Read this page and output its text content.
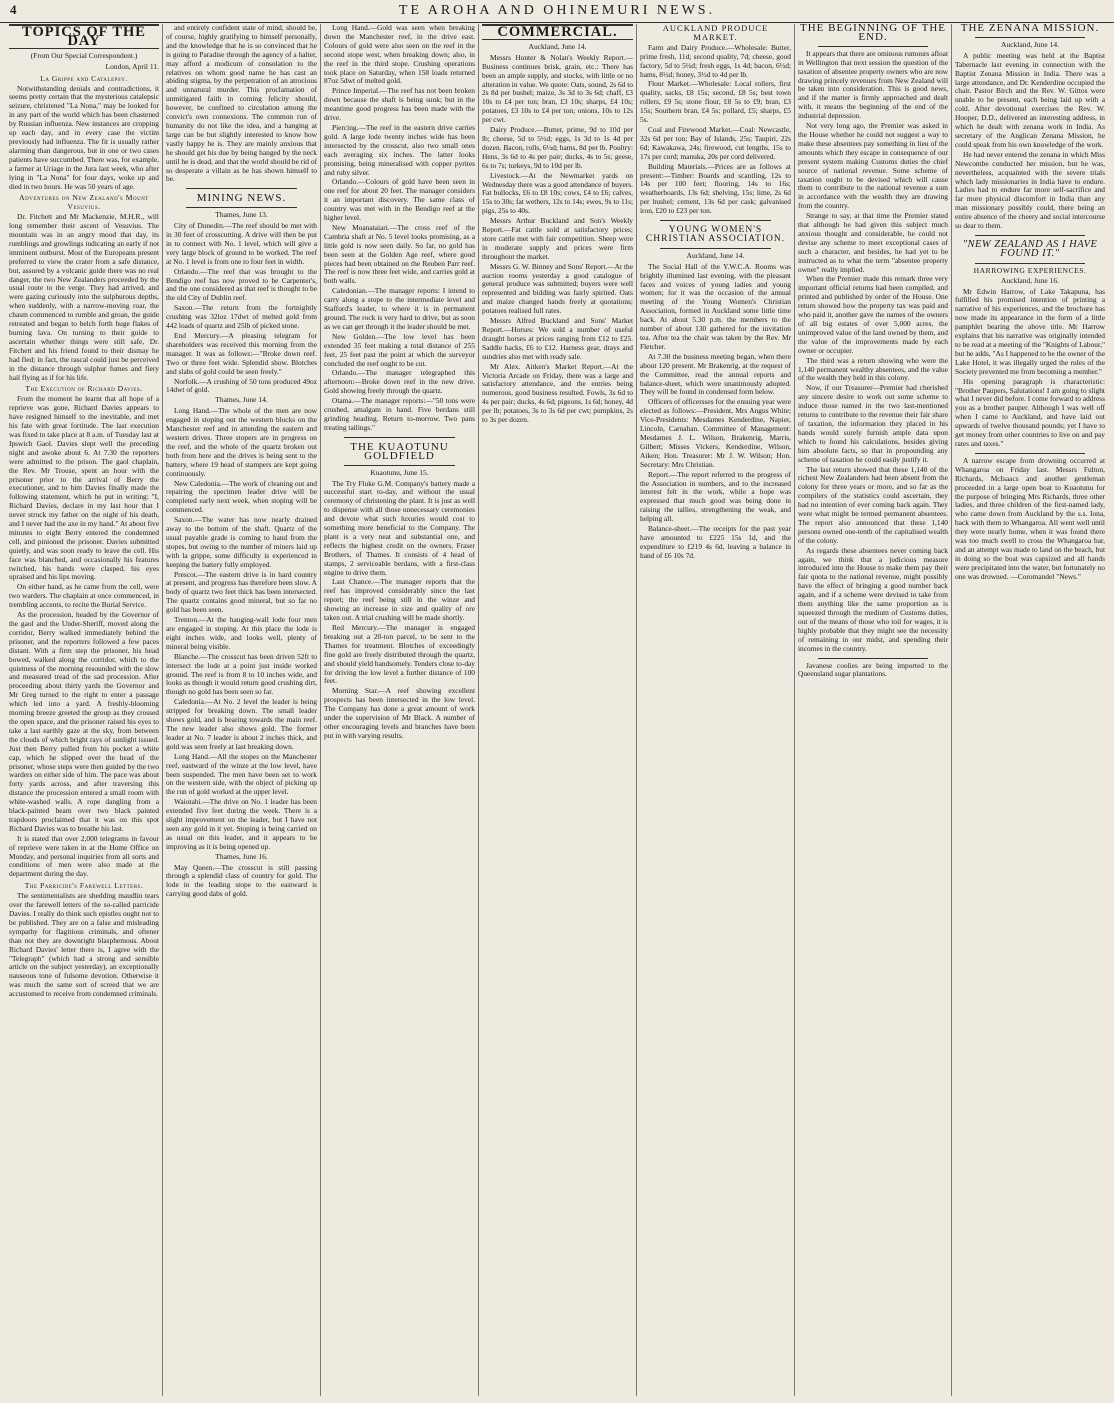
4	TE AROHA AND OHINEMURI NEWS.
TOPICS OF THE DAY
(From Our Special Correspondent.)
London, April 11.
La Grippe and Catalepsy.

Notwithstanding denials and contradictions, it seems pretty certain that the mysterious catalepsic seizure, christened "La Nona," may be looked for in any part of the world which has been chastened by Russian influenza. New instances are cropping up each day, and in every case the victim previously had influenza. The fit is usually rather alarming than dangerous, but in one or two cases patients have succumbed. There was, for example, a farmer at Uriage in the Jura last week, who after lying in "La Nona" for four days, woke up and died in two hours. He was 50 years of age.

Adventures on New Zealand's Mount Vesuvius.

Dr. Fitchett and Mr Mackenzie, M.H.R., will long remember their ascent of Vesuvius. The mountain was in an angry mood that day, its rumblings and growlings indicating an early if not imminent outburst. Most of the Europeans present preferred to view the crater from a safe distance, but, assured by a volcanic guide there was no real danger, the two New Zealanders proceeded by the usual route to the verge. They had arrived, and were gazing curiously into the sulphurous depths, when suddenly, with a narrow-moving roar, the chasm commenced to rumble and groan, the guide retreated and began to belch forth huge flakes of burning lava. On turning to their guide to ascertain whether things were still safe, Dr. Fitchett and his friend found to their dismay he had fled; in fact, the rascal could just be perceived in the distance through sulphur fumes and fiery hail flying as if for his life.

The Execution of Richard Davies.

From the moment he learnt that all hope of a reprieve was gone, Richard Davies appears to have resigned himself to the inevitable, and met his fate with great fortitude. The last execution was fixed to take place at 8 a.m. of Tuesday last at Ipswich Gaol. Davies slept well the preceding night and awoke about 6. At 7.30 the reporters were admitted to the prison. The gaol chaplain, the Rev. Mr Trouse, spent an hour with the prisoner prior to the arrival of Berry the executioner, and to him Davies finally made the following statement, which he put in writing: "I, Richard Davies, declare in my last hour that I never struck my father on the night of his death, and I never had the axe in my hand." At about five minutes to eight Berry entered the condemned cell, and pinioned the prisoner. Davies submitted quietly, and was soon ready to leave the cell. His face was blanched, and occasionally his features twitched, his hands were clasped, his eyes upraised and his lips moving.

On either hand, as he came from the cell, were two warders. The chaplain at once commenced, in trembling accents, to recite the Burial Service.

As the procession, headed by the Governor of the gaol and the Under-Sheriff, moved along the corridor, Berry walked immediately behind the prisoner, and the reporters followed a few paces distant. With a firm step the prisoner, his head bowed, walked along the corridor, which to the quietness of the morning resounded with the slow and measured tread of the sad procession. After proceeding about thirty yards the Governor and Mr Greg turned to the right to enter a passage which led into a yard. A freshly-blooming morning breeze greeted the group as they crossed the open space, and the prisoner raised his eyes to take a last earthly gaze at the sky, from between the clouds of which bright rays of sunlight issued. Just then Berry pulled from his pocket a white cap, which he slipped over the head of the prisoner, whose steps were then guided by the two warders on either side of him. The pace was about forty yards across, and after traversing this distance the procession entered a small room with white-washed walls. A rope dangling from a black-painted beam over two black painted trapdoors proclaimed that it was on this spot Richard Davies was to breathe his last.

It is stated that over 2,000 telegrams in favour of reprieve were taken in at the Home Office on Monday, and personal inquiries from all sorts and conditions of men were also made at the department during the day.

The Parricide's Farewell Letters.

The sentimentalists are shedding maudlin tears over the farewell letters of the so-called parricide Davies. I really do think such epistles ought not to be published. They are on a false and misleading sympathy for flagitious criminals, and oftener than not they are downright blasphemous. About Richard Davies' letter there is, I agree with the "Telegraph" (which had a strong and sensible article on the subject yesterday), an exceptionally nauseous tone of fulsome devotion. Otherwise it was much the same sort of screed that we are accustomed to receive from condemned criminals.

and entirely confident state of mind, should be, of course, highly gratifying to himself personally, and the knowledge that he is so convinced that he is going to Paradise through the agency of a halter, may afford a modicum of consolation to the relatives on whom good name he has cast an abiding stigma, by the perpetration of an atrocious and unnatural murder. This proclamation of unmitigated faith in coming felicity should, however, be confined to circulation among the convict's own connexions. The common run of humanity do not like the idea, and a hanging at large can be but slightly interested to know how vastly happy he is. They are mainly anxious that he should get his due by being hanged by the neck until he is dead, and that the world should be rid of so desperate a villain as he has shown himself to be.

MINING NEWS.
Thames, June 13.

City of Dunedin.—The reef should be met with in 30 feet of crosscutting. A drive will then be put in to connect with No. 1 level, which will give a very large block of ground to be worked. The reef at No. 1 level is from one to four feet in width.

Orlando.—The reef that was brought to the Bendigo reef has now proved to be Carpenter's, and the one considered as that reef is thought to be the old City of Dublin reef.

Saxon.—The return from the fortnightly crushing was 32loz 17dwt of melted gold from 442 loads of quartz and 25lb of picked stone.

End Mercury.—A pleasing telegram for shareholders was received this morning from the manager. It was as follows:—"Broke down reef. Two or three feet wide. Splendid show. Blotches and slabs of gold could be seen freely."

Norfolk.—A crushing of 50 tons produced 49oz 14dwt of gold.

Thames, June 14.

Long Hand.—The whole of the men are now engaged in stoping out the western blocks on the Manchester reef and in attending the eastern and western drives. Three stopers are in progress on the reef, and the whole of the quartz broken out both from here and the drives is being sent to the battery, where 19 head of stampers are kept going continuously.

New Caledonia.—The work of cleaning out and repairing the specimen leader drive will be completed early next week, when stoping will be commenced.

Saxon.—The water has now nearly drained away to the bottom of the shaft. Quartz of the usual payable grade is coming to hand from the stopes, but owing to the number of miners laid up with la grippe, some difficulty is experienced in keeping the battery fully employed.

Prescot.—The eastern drive is in hard country at present, and progress has therefore been slow. A body of quartz two feet thick has been intersected. The quartz contains good mineral, but so far no gold has been seen.

Trenton.—At the hanging-wall lode four men are engaged in stoping. At this place the lode is eight inches wide, and looks well, plenty of mineral being visible.

Blanche.—The crosscut has been driven 52ft to intersect the lode at a point just inside worked ground. The reef is from 8 to 10 inches wide, and looks as though it would return good crushing dirt, though no gold has been seen so far.

Caledonia.—At No. 2 level the leader is being stripped for breaking down. The small leader shows gold, and is bearing towards the main reef. The new leader also shows gold. The former leader at No. 7 leader is about 2 inches thick, and gold was seen freely at last breaking down.

Long Hand.—All the stopes on the Manchester reef, eastward of the winze at the low level, have been suspended. The men have been set to work on the western side, with the object of picking up the run of gold worked at the upper level.

Waiotahi.—The drive on No. 1 leader has been extended five feet during the week. There is a slight improvement on the leader, but I have not seen any gold in it yet. Stoping is being carried on as usual on this leader, and it appears to be improving as it is being opened up.

Thames, June 16.

May Queen.—The crosscut is still passing through a splendid class of country for gold. The lode in the leading stope to the eastward is carrying good dabs of gold.

Long Hand.—Gold was seen when breaking down the Manchester reef, in the drive east. Colours of gold were also seen on the reef in the second stope west, when breaking down; also, in the reef in the third stope. Crushing operations took place on Saturday, when 158 loads returned 87oz 5dwt of melted gold.

Prince Imperial.—The reef has not been broken down because the shaft is being sunk; but in the meantime good progress has been made with the drive.

Piercing.—The reef in the eastern drive carries gold. A large lode twenty inches wide has been intersected by the crosscut, also two small ones each averaging six inches. The latter looks promising, being mineralised with copper pyrites and ruby silver.

Orlando.—Colours of gold have been seen in one reef for about 20 feet. The manager considers it an important discovery. The same class of country was met with in the Bendigo reef at the higher level.

New Moanataiari.—The cross reef of the Cambria shaft at No. 5 level looks promising, as a little gold is now seen daily. So far, no gold has been seen at the Golden Age reef, where good pieces had been obtained on the Reuben Parr reef. The reef is now three feet wide, and carries gold at both walls.

Caledonian.—The manager reports: I intend to carry along a stope to the intermediate level and Stafford's leader, to where it is in permanent ground. The rock is very hard to drive, but as soon as we can get through it the leader should be met.

New Golden.—The low level has been extended 35 feet making a total distance of 255 feet, 25 feet past the point at which the surveyor concluded the reef ought to be cut.

Orlando.—The manager telegraphed this afternoon:—Broke down reef in the new drive. Gold showing freely through the quartz.

Otama.—The manager reports:—"50 tons were crushed, amalgam in hand. Five berdans still grinding heading. Return to-morrow. Two pans treating tailings."

THE KUAOTUNU GOLDFIELD
Kuaotunu, June 15.

The Try Fluke G.M. Company's battery made a successful start to-day, and without the usual ceremony of christening the plant. It is just as well to dispense with all those unnecessary ceremonies and devote what such luxuries would cost to something more beneficial to the Company. The plant is a very neat and substantial one, and reflects the highest credit on the owners, Fraser Brothers, of Thames. It consists of 4 head of stamps, 2 serviceable berdans, with a first-class engine to drive them.

Last Chance.—The manager reports that the reef has improved considerably since the last report; the reef being still in the winze and showing an increase in size and quality of ore taken out. A trial crushing will be made shortly.

Red Mercury.—The manager is engaged breaking out a 20-ton parcel, to be sent to the Thames for treatment. Blotches of exceedingly fine gold are freely distributed through the quartz, and should yield handsomely. Tenders close to-day for driving the low level a further distance of 100 feet.

Morning Star.—A reef showing excellent prospects has been intersected in the low level. The Company has done a great amount of work under the supervision of Mr Black. A number of other encouraging levels and branches have been put in with varying results.

COMMERCIAL.
Auckland, June 14.

Messrs Hunter & Nolan's Weekly Report.—Business continues brisk, grain, etc.: There has been an ample supply, and stocks, with little or no alteration in value. We quote: Oats, sound, 2s 6d to 2s 8d per bushel; maize, 3s 3d to 3s 6d; chaff, £3 10s to £4 per ton; bran, £3 10s; sharps, £4 10s; potatoes, £3 10s to £4 per ton; onions, 10s to 12s per cwt.

Dairy Produce.—Butter, prime, 9d to 10d per lb; cheese, 5d to 5½d; eggs, 1s 3d to 1s 4d per dozen. Bacon, rolls, 6½d; hams, 8d per lb. Poultry: Hens, 3s 6d to 4s per pair; ducks, 4s to 5s; geese, 6s to 7s; turkeys, 9d to 10d per lb.

Livestock.—At the Newmarket yards on Wednesday there was a good attendance of buyers. Fat bullocks, £6 to £8 10s; cows, £4 to £6; calves, 15s to 30s; fat wethers, 12s to 14s; ewes, 9s to 11s; pigs, 25s to 40s.

Messrs Arthur Buckland and Son's Weekly Report.—Fat cattle sold at satisfactory prices; store cattle met with fair competition. Sheep were in moderate supply and prices were firm throughout the market.

Messrs G. W. Binney and Sons' Report.—At the auction rooms yesterday a good catalogue of general produce was submitted; buyers were well represented and bidding was fairly spirited. Oats and maize changed hands freely at quotations; potatoes realised full rates.

Messrs Alfred Buckland and Sons' Market Report.—Horses: We sold a number of useful draught horses at prices ranging from £12 to £25. Saddle hacks, £6 to £12. Harness gear, drays and sundries also met with ready sale.

Mr Alex. Aitken's Market Report.—At the Victoria Arcade on Friday, there was a large and satisfactory attendance, and the entries being numerous, good business resulted. Fowls, 3s 6d to 4s per pair; ducks, 4s 6d; pigeons, 1s 6d; honey, 4d per lb; potatoes, 3s to 3s 6d per cwt; pumpkins, 2s to 3s per dozen.

AUCKLAND PRODUCE MARKET.

Farm and Dairy Produce.—Wholesale: Butter, prime fresh, 11d; second quality, 7d; cheese, good factory, 5d to 5½d; fresh eggs, 1s 4d; bacon, 6½d; hams, 8½d; honey, 3½d to 4d per lb.

Flour Market.—Wholesale: Local rollers, first quality, sacks, £8 15s; second, £8 5s; best town rollers, £9 5s; stone flour, £8 5s to £9; bran, £3 15s; Southern bran, £4 5s; pollard, £5; sharps, £5 5s.

Coal and Firewood Market.—Coal: Newcastle, 32s 6d per ton; Bay of Islands, 25s; Taupiri, 22s 6d; Kawakawa, 24s; firewood, cut lengths, 15s to 17s per cord; manuka, 20s per cord delivered.

Building Materials.—Prices are as follows at present:—Timber: Boards and scantling, 12s to 14s per 100 feet; flooring, 14s to 16s; weatherboards, 13s 6d; shelving, 15s; lime, 2s 6d per bushel; cement, 13s 6d per cask; galvanised iron, £20 to £23 per ton.

YOUNG WOMEN'S CHRISTIAN ASSOCIATION.
Auckland, June 14.

The Social Hall of the Y.W.C.A. Rooms was brightly illumined last evening, with the pleasant faces and voices of young ladies and young women; for it was the occasion of the annual meeting of the Young Women's Christian Association, formed in Auckland some little time back. At about 5.30 p.m. the members to the number of about 130 gathered for the invitation tea. After tea the chair was taken by the Rev. Mr Fletcher.

At 7.30 the business meeting began, when there about 120 present. Mr Brakenrig, at the request of the Committee, read the annual reports and balance-sheet, which were unanimously adopted. They will be found in condensed form below.

Officers of officersses for the ensuing year were elected as follows:—President, Mrs Angus White; Vice-Presidents: Mesdames Kenderdine, Napier, Lincoln, Carnahan. Committee of Management: Mesdames J. L. Wilson, Brakenrig, Marris, Gilbert; Misses Vickers, Kenderdine, Wilson, Aiken; Hon. Treasurer: Mr J. W. Wilson; Hon. Secretary: Mrs Christian.

Report.—The report referred to the progress of the Association in numbers, and to the increased interest felt in the work, while a hope was expressed that much good was being done in raising the tallies, strengthening the weak, and helping all.

Balance-sheet.—The receipts for the past year have amounted to £225 15s 1d, and the expenditure to £219 4s 6d, leaving a balance in hand of £6 10s 7d.

THE BEGINNING OF THE END.

It appears that there are ominous rumours afloat in Wellington that next session the question of the taxation of absentee property owners who are now drawing princely revenues from New Zealand will be taken into consideration. This is good news, and if the matter is firmly approached and dealt with, it means the beginning of the end of the industrial depression.

Not very long ago, the Premier was asked in the House whether he could not suggest a way to make these absentees pay something in lieu of the amounts which they escape in consequence of our present system making Customs duties the chief source of national revenue. Some scheme of taxation ought to be devised which will cause them to contribute to the national revenue a sum in accordance with the wealth they are drawing from the country.

Strange to say, at that time the Premier stated that although he had given this subject much anxious thought and considerable, he could not devise any scheme to meet exceptional cases of such a character, and besides, he had yet to be instructed as to what the term "absentee property owner" really implied.

When the Premier made this remark three very important official returns had been compiled, and printed and published by order of the House. One return showed how the property tax was paid and who paid it, another gave the names of the owners of all big estates of over 5,000 acres, the unimproved value of the land owned by them, and the value of the improvements made by each owner or occupier.

The third was a return showing who were the 1,140 permanent wealthy absentees, and the value of the wealth they held in this colony.

Now, if our Treasurer—Premier had cherished any sincere desire to work out some scheme to induce those named in the two last-mentioned returns to contribute to the revenue their fair share of taxation, the information they placed in his hands would surely furnish ample data upon which to found his calculations, besides giving him absolute facts, so that in propounding any scheme of taxation he could easily justify it.

The last return showed that these 1,140 of the richest New Zealanders had been absent from the colony for three years or more, and so far as the compilers of the statistics could ascertain, they had no intention of ever coming back again. They were what might be termed permanent absentees. The report also announced that these 1,140 persons owned one-tenth of the capitalised wealth of the colony.

As regards these absentees never coming back again, we think that a judicious measure introduced into the House to make them pay their fair quota to the national revenue, might possibly have the effect of bringing a good number back again, and if a scheme were devised to take from them anything like the same proportion as is squeezed through the medium of Customs duties, out of the means of those who toil for wages, it is highly probable that they might see the necessity of remaining in our midst, and spending their incomes in the country.

Javanese coolies are being imported to the Queensland sugar plantations.

THE ZENANA MISSION.
Auckland, June 14.

A public meeting was held at the Baptist Tabernacle last evening in connection with the Baptist Zenana Mission in India. There was a large attendance, and Dr. Kenderdine occupied the chair. Pastor Birch and the Rev. W. Gittos were unable to be present, each being laid up with a cold. After devotional exercises the Rev. W. Hooper, D.D., delivered an interesting address, in which he dealt with zenana work in India. As secretary of the Anglican Zenana Mission, he could speak from his own knowledge of the work.

He had never entered the zenana in which Miss Newcombe conducted her mission, but he was, nevertheless, acquainted with the severe trials which lady missionaries in India have to endure. Ladies had to endure far more self-sacrifice and far more physical discomfort in India than any man missionary possibly could, there being an entire absence of the cheery and social intercourse so dear to them.

"NEW ZEALAND AS I HAVE FOUND IT."
HARROWING EXPERIENCES.
Auckland, June 16.

Mr Edwin Harrow, of Lake Takapuna, has fulfilled his promised intention of printing a narrative of his experiences, and the brochure has now made its appearance in the form of a little pamphlet bearing the above title. Mr Harrow explains that his narrative was originally intended to be read at a meeting of the "Knights of Labour," but he adds, "As I happened to be the owner of the Lake Hotel, it was illegally urged the rules of the Society prevented me from becoming a member."

His opening paragraph is characteristic: "Brother Paupers, Salutations! I am going to slight what I never did before. I come forward to address you as a brother pauper. Although I was well off when I came to Auckland, and have laid out upwards of twelve thousand pounds; yet I have to get money from other countries to live on and pay rates and taxes."

A narrow escape from drowning occurred at Whangaroa on Friday last. Messrs Fulton, Richards, McIsaacs and another gentleman proceeded in a large open boat to Kuaotunu for the purpose of bringing Mrs Richards, three other ladies, and three children of the first-named lady, who came down from Auckland by the s.s. Iona, back with them to Whangaroa. All went well until they were nearly home, when it was found there was too much swell to cross the Whangaroa bar, and an attempt was made to land on the beach, but in doing so the boat was capsized and all hands were precipitated into the water, but fortunately no one was drowned. —Coromandel "News."
